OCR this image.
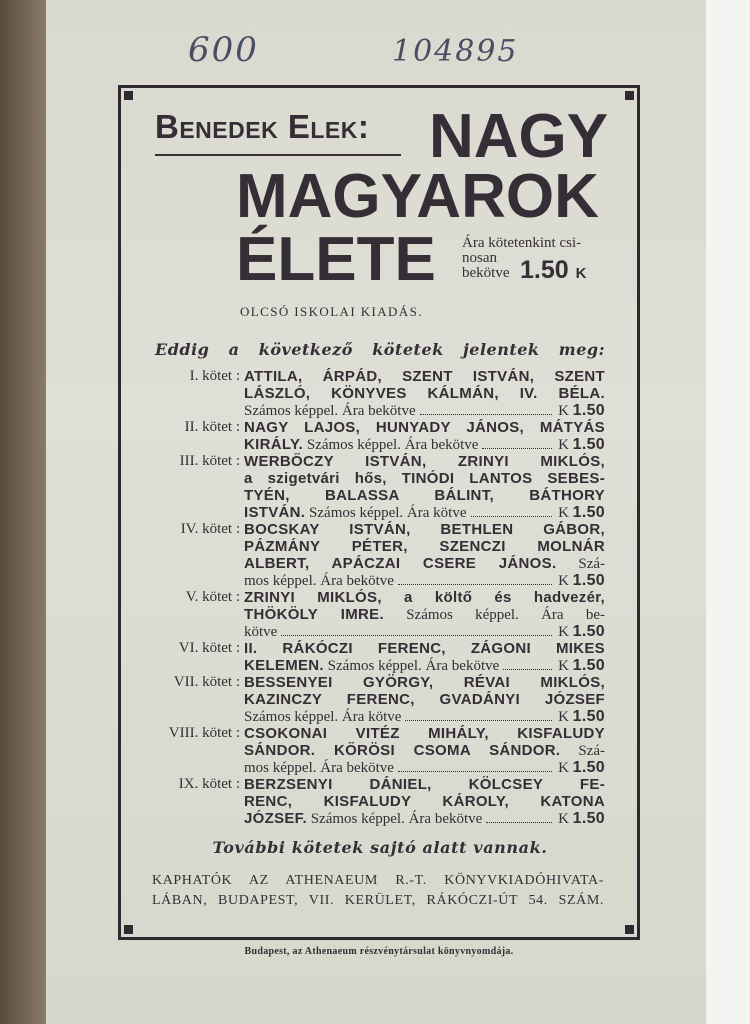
600	104895
Benedek Elek: NAGY
MAGYAROK
ÉLETE Ára kötetenkint csi-
nosan
bekötve 1.50 K
OLCSÓ ISKOLAI KIADÁS.
Eddig a következő kötetek jelentek meg:
I. kötet : ATTILA, ÁRPÁD, SZENT ISTVÁN, SZENT
LÁSZLÓ, KÖNYVES KÁLMÁN, IV. BÉLA.
Számos képpel. Ára bekötve	K 1.50
II. kötet : NAGY LAJOS, HUNYADY JÁNOS, MÁTYÁS
KIRÁLY. Számos képpel. Ára bekötve	K 1.50
III. kötet : WERBŐCZY ISTVÁN, ZRINYI MIKLÓS,
a szigetvári hős, TINÓDI LANTOS SEBES-
TYÉN, BALASSA BÁLINT, BÁTHORY
ISTVÁN. Számos képpel. Ára kötve	K 1.50
IV. kötet : BOCSKAY ISTVÁN, BETHLEN GÁBOR,
PÁZMÁNY PÉTER, SZENCZI MOLNÁR
ALBERT, APÁCZAI CSERE JÁNOS. Szá-
mos képpel. Ára bekötve	K 1.50
V. kötet : ZRINYI MIKLÓS, a költő és hadvezér,
THÖKÖLY IMRE. Számos képpel. Ára be-
kötve	K 1.50
VI. kötet : II. RÁKÓCZI FERENC, ZÁGONI MIKES
KELEMEN. Számos képpel. Ára bekötve	K 1.50
VII. kötet : BESSENYEI GYÖRGY, RÉVAI MIKLÓS,
KAZINCZY FERENC, GVADÁNYI JÓZSEF
Számos képpel. Ára kötve	K 1.50
VIII. kötet : CSOKONAI VITÉZ MIHÁLY, KISFALUDY
SÁNDOR. KŐRÖSI CSOMA SÁNDOR. Szá-
mos képpel. Ára bekötve	K 1.50
IX. kötet : BERZSENYI DÁNIEL, KÖLCSEY FE-
RENC, KISFALUDY KÁROLY, KATONA
JÓZSEF. Számos képpel. Ára bekötve	K 1.50
További kötetek sajtó alatt vannak.
KAPHATÓK AZ ATHENAEUM R.-T. KÖNYVKIADÓHIVATA-
LÁBAN, BUDAPEST, VII. KERÜLET, RÁKÓCZI-ÚT 54. SZÁM.
Budapest, az Athenaeum részvénytársulat könyvnyomdája.
